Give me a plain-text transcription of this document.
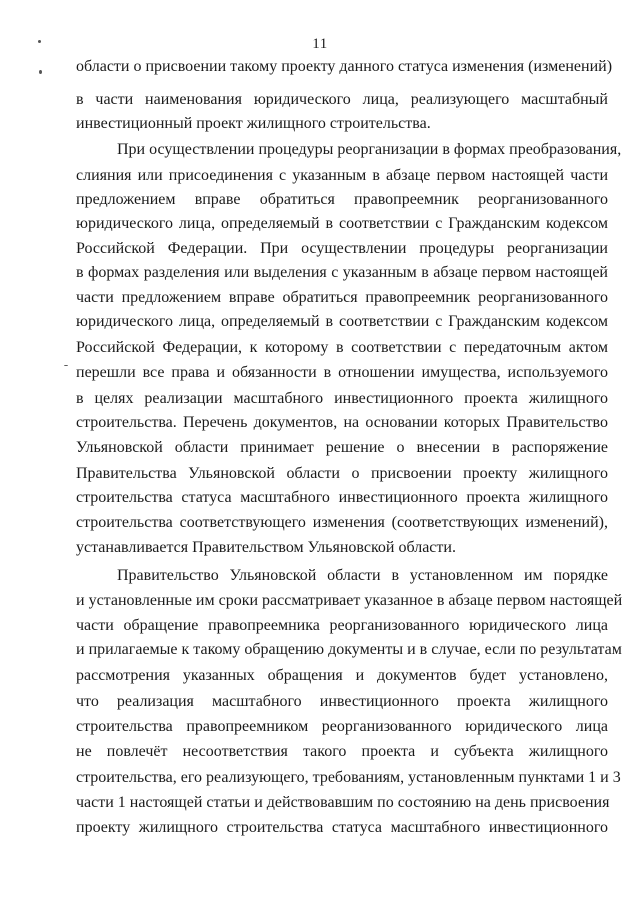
11
области о присвоении такому проекту данного статуса изменения (изменений)
в части наименования юридического лица, реализующего масштабный
инвестиционный проект жилищного строительства.
При осуществлении процедуры реорганизации в формах преобразования,
слияния или присоединения с указанным в абзаце первом настоящей части
предложением вправе обратиться правопреемник реорганизованного
юридического лица, определяемый в соответствии с Гражданским кодексом
Российской Федерации. При осуществлении процедуры реорганизации
в формах разделения или выделения с указанным в абзаце первом настоящей
части предложением вправе обратиться правопреемник реорганизованного
юридического лица, определяемый в соответствии с Гражданским кодексом
Российской Федерации, к которому в соответствии с передаточным актом
перешли все права и обязанности в отношении имущества, используемого
в целях реализации масштабного инвестиционного проекта жилищного
строительства. Перечень документов, на основании которых Правительство
Ульяновской области принимает решение о внесении в распоряжение
Правительства Ульяновской области о присвоении проекту жилищного
строительства статуса масштабного инвестиционного проекта жилищного
строительства соответствующего изменения (соответствующих изменений),
устанавливается Правительством Ульяновской области.
Правительство Ульяновской области в установленном им порядке
и установленные им сроки рассматривает указанное в абзаце первом настоящей
части обращение правопреемника реорганизованного юридического лица
и прилагаемые к такому обращению документы и в случае, если по результатам
рассмотрения указанных обращения и документов будет установлено,
что реализация масштабного инвестиционного проекта жилищного
строительства правопреемником реорганизованного юридического лица
не повлечёт несоответствия такого проекта и субъекта жилищного
строительства, его реализующего, требованиям, установленным пунктами 1 и 3
части 1 настоящей статьи и действовавшим по состоянию на день присвоения
проекту жилищного строительства статуса масштабного инвестиционного
